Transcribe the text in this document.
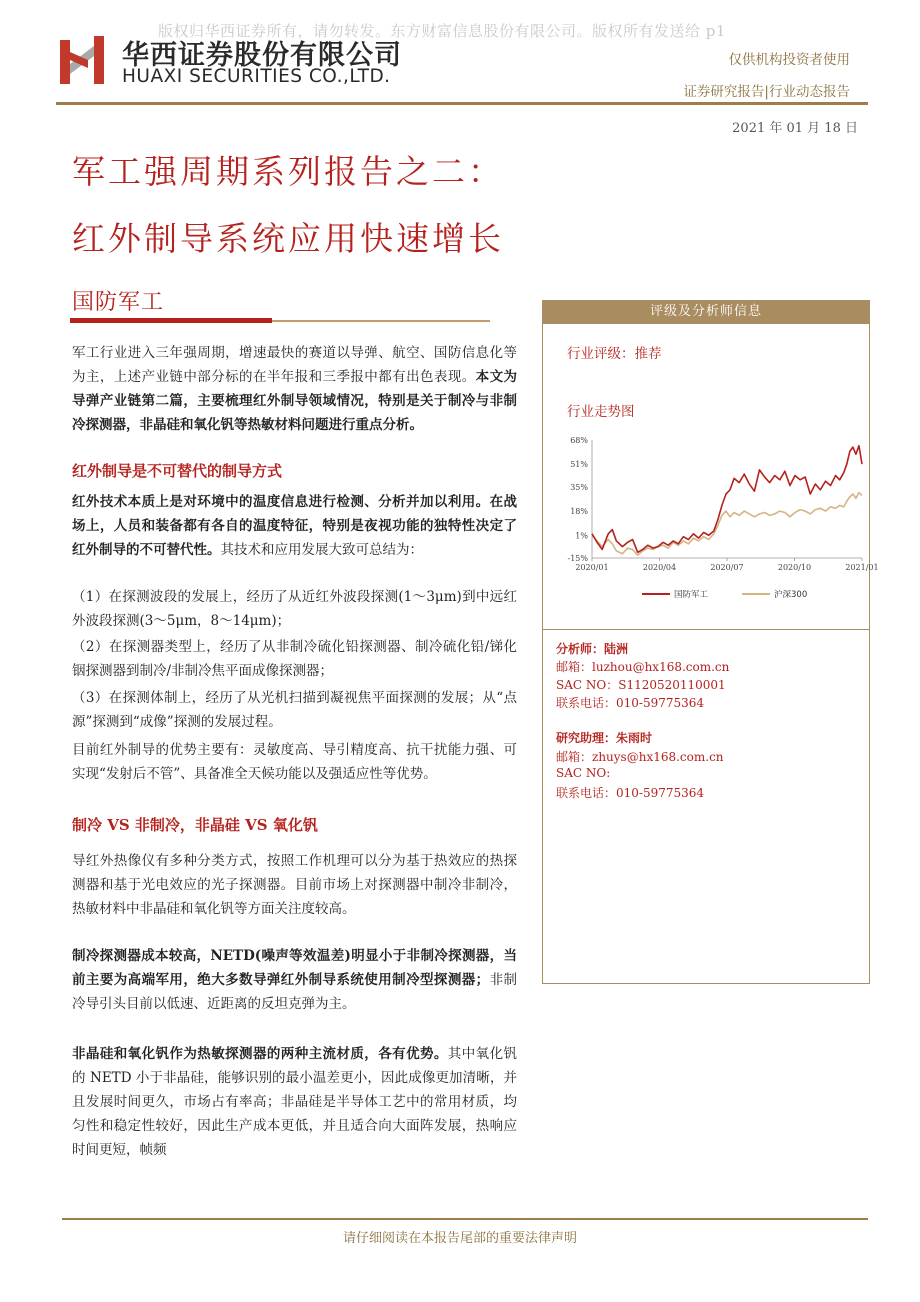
版权归华西证券所有，请勿转发。东方财富信息股份有限公司。版权所有发送给 p1
华西证券股份有限公司
HUAXI SECURITIES CO.,LTD.
仅供机构投资者使用
证券研究报告|行业动态报告
2021 年 01 月 18 日
军工强周期系列报告之二：
红外制导系统应用快速增长
国防军工

军工行业进入三年强周期，增速最快的赛道以导弹、航空、国防信息化等为主，上述产业链中部分标的在半年报和三季报中都有出色表现。本文为导弹产业链第二篇，主要梳理红外制导领域情况，特别是关于制冷与非制冷探测器，非晶硅和氧化钒等热敏材料问题进行重点分析。

红外制导是不可替代的制导方式

红外技术本质上是对环境中的温度信息进行检测、分析并加以利用。在战场上，人员和装备都有各自的温度特征，特别是夜视功能的独特性决定了红外制导的不可替代性。其技术和应用发展大致可总结为：

（1）在探测波段的发展上，经历了从近红外波段探测(1～3μm)到中远红外波段探测(3～5μm，8～14μm)；
（2）在探测器类型上，经历了从非制冷硫化铅探测器、制冷硫化铅/锑化铟探测器到制冷/非制冷焦平面成像探测器；
（3）在探测体制上，经历了从光机扫描到凝视焦平面探测的发展；从“点源”探测到“成像”探测的发展过程。
目前红外制导的优势主要有：灵敏度高、导引精度高、抗干扰能力强、可实现“发射后不管”、具备准全天候功能以及强适应性等优势。
制冷 VS 非制冷，非晶硅 VS 氧化钒
导红外热像仪有多种分类方式，按照工作机理可以分为基于热效应的热探测器和基于光电效应的光子探测器。目前市场上对探测器中制冷非制冷，热敏材料中非晶硅和氧化钒等方面关注度较高。

制冷探测器成本较高，NETD(噪声等效温差)明显小于非制冷探测器，当前主要为高端军用，绝大多数导弹红外制导系统使用制冷型探测器；非制冷导引头目前以低速、近距离的反坦克弹为主。

非晶硅和氧化钒作为热敏探测器的两种主流材质，各有优势。其中氧化钒的 NETD 小于非晶硅，能够识别的最小温差更小，因此成像更加清晰，并且发展时间更久，市场占有率高；非晶硅是半导体工艺中的常用材质，均匀性和稳定性较好，因此生产成本更低，并且适合向大面阵发展，热响应时间更短，帧频

评级及分析师信息
行业评级：推荐
行业走势图
68%
51%
35%
18%
1%
-15%
2020/01	2020/04	2020/07	2020/10	2021/01
国防军工	沪深300
分析师：陆洲
邮箱：luzhou@hx168.com.cn
SAC NO：S1120520110001
联系电话：010-59775364
研究助理：朱雨时
邮箱：zhuys@hx168.com.cn
SAC NO:
联系电话：010-59775364
请仔细阅读在本报告尾部的重要法律声明
